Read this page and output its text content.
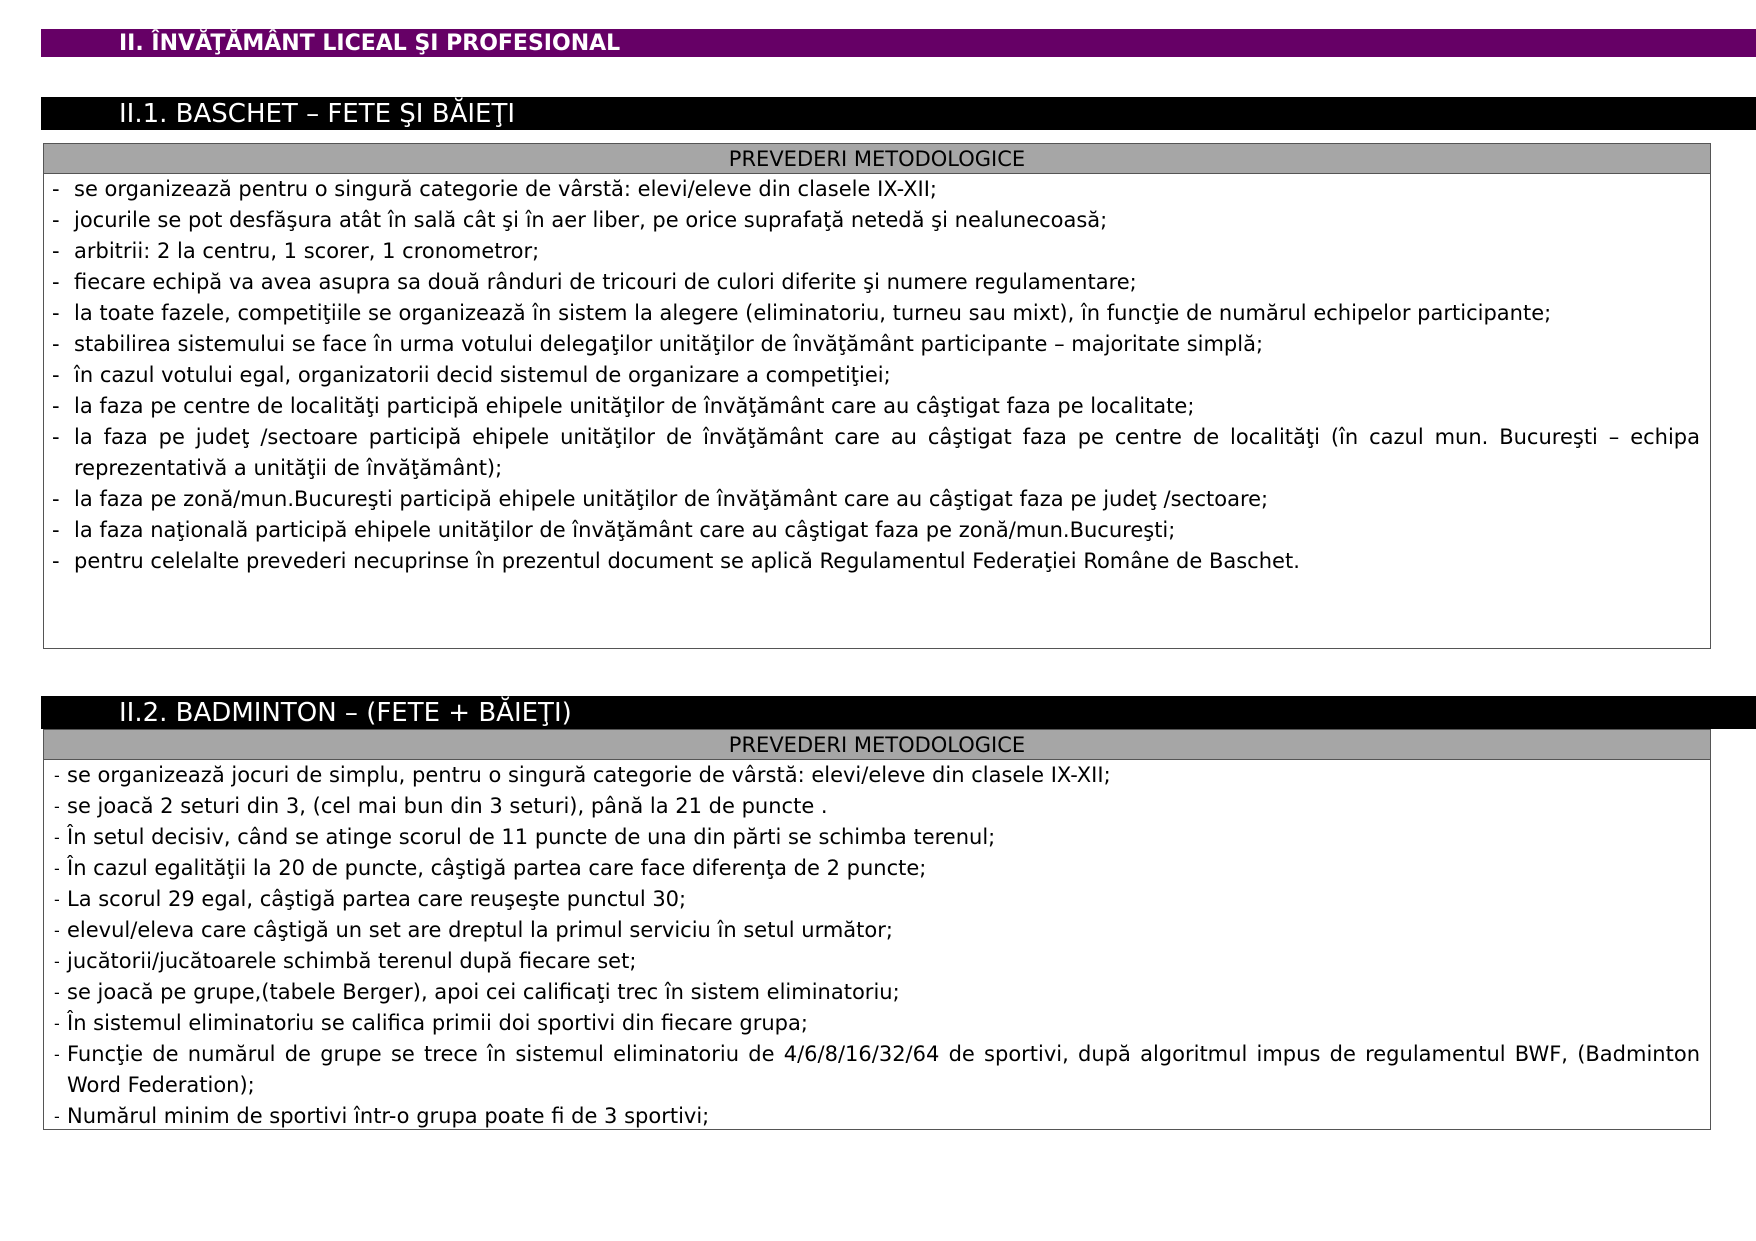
II. ÎNVĂŢĂMÂNT LICEAL ŞI PROFESIONAL
II.1. BASCHET – FETE ŞI BĂIEŢI
PREVEDERI METODOLOGICE
- se organizează pentru o singură categorie de vârstă: elevi/eleve din clasele IX-XII;
- jocurile se pot desfăşura atât în sală cât şi în aer liber, pe orice suprafaţă netedă şi nealunecoasă;
- arbitrii: 2 la centru, 1 scorer, 1 cronometror;
- fiecare echipă va avea asupra sa două rânduri de tricouri de culori diferite şi numere regulamentare;
- la toate fazele, competiţiile se organizează în sistem la alegere (eliminatoriu, turneu sau mixt), în funcţie de numărul echipelor participante;
- stabilirea sistemului se face în urma votului delegaţilor unităţilor de învăţământ participante – majoritate simplă;
- în cazul votului egal, organizatorii decid sistemul de organizare a competiţiei;
- la faza pe centre de localităţi participă ehipele unităţilor de învăţământ care au câştigat faza pe localitate;
- la faza pe judeţ /sectoare participă ehipele unităţilor de învăţământ care au câştigat faza pe centre de localităţi (în cazul mun. Bucureşti – echipa reprezentativă a unităţii de învăţământ);
- la faza pe zonă/mun.Bucureşti participă ehipele unităţilor de învăţământ care au câştigat faza pe judeţ /sectoare;
- la faza naţională participă ehipele unităţilor de învăţământ care au câştigat faza pe zonă/mun.Bucureşti;
- pentru celelalte prevederi necuprinse în prezentul document se aplică Regulamentul Federaţiei Române de Baschet.
II.2. BADMINTON – (FETE + BĂIEŢI)
PREVEDERI METODOLOGICE
- se organizează jocuri de simplu, pentru o singură categorie de vârstă: elevi/eleve din clasele IX-XII;
- se joacă 2 seturi din 3, (cel mai bun din 3 seturi), până la 21 de puncte .
- În setul decisiv, când se atinge scorul de 11 puncte de una din părti se schimba terenul;
- În cazul egalităţii la 20 de puncte, câştigă partea care face diferenţa de 2 puncte;
- La scorul 29 egal, câştigă partea care reuşeşte punctul 30;
- elevul/eleva care câştigă un set are dreptul la primul serviciu în setul următor;
- jucătorii/jucătoarele schimbă terenul după fiecare set;
- se joacă pe grupe,(tabele Berger), apoi cei calificaţi trec în sistem eliminatoriu;
- În sistemul eliminatoriu se califica primii doi sportivi din fiecare grupa;
- Funcţie de numărul de grupe se trece în sistemul eliminatoriu de 4/6/8/16/32/64 de sportivi, după algoritmul impus de regulamentul BWF, (Badminton Word Federation);
- Numărul minim de sportivi într-o grupa poate fi de 3 sportivi;
